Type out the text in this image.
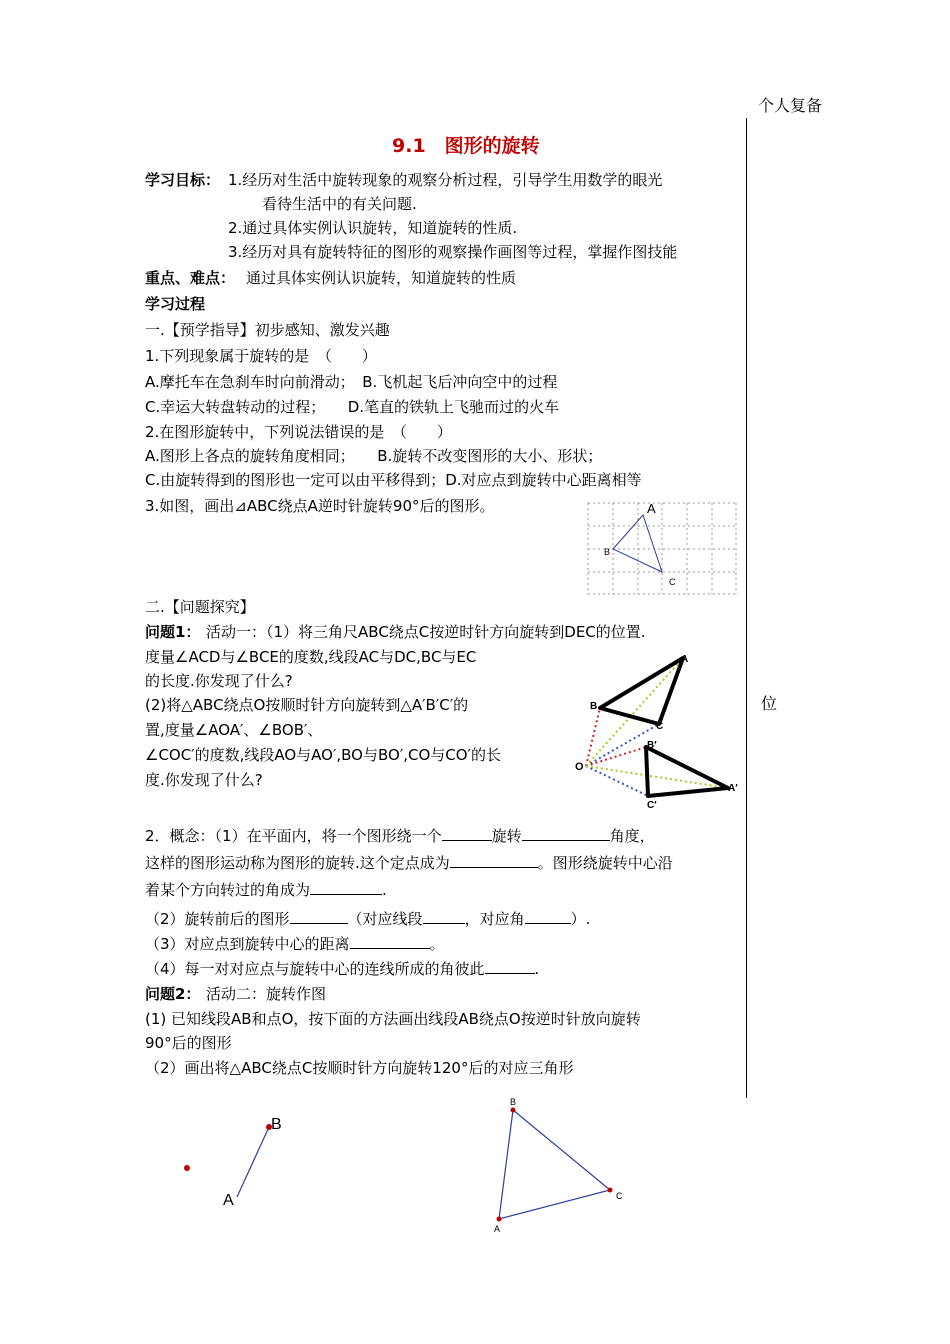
个人复备
位
9.1　图形的旋转
学习目标： 1.经历对生活中旋转现象的观察分析过程，引导学生用数学的眼光
看待生活中的有关问题.
2.通过具体实例认识旋转，知道旋转的性质.
3.经历对具有旋转特征的图形的观察操作画图等过程，掌握作图技能
重点、难点： 通过具体实例认识旋转，知道旋转的性质
学习过程
一.【预学指导】初步感知、激发兴趣
1.下列现象属于旋转的是　（　　）
A.摩托车在急刹车时向前滑动；　B.飞机起飞后冲向空中的过程
C.幸运大转盘转动的过程；　　D.笔直的铁轨上飞驰而过的火车
2.在图形旋转中，下列说法错误的是　（　　）
A.图形上各点的旋转角度相同；　　B.旋转不改变图形的大小、形状；
C.由旋转得到的图形也一定可以由平移得到；D.对应点到旋转中心距离相等
3.如图，画出⊿ABC绕点A逆时针旋转90°后的图形。	A
B
C
二.【问题探究】
问题1： 活动一：（1）将三角尺ABC绕点C按逆时针方向旋转到DEC的位置.
度量∠ACD与∠BCE的度数,线段AC与DC,BC与EC
的长度.你发现了什么?
(2)将△ABC绕点O按顺时针方向旋转到△A′B′C′的
置,度量∠AOA′、∠BOB′、
∠COC′的度数,线段AO与AO′,BO与BO′,CO与CO′的长
度.你发现了什么?
A
B
C
O
B′
A′
C′
2．概念：（1）在平面内，将一个图形绕一个	旋转	角度，
这样的图形运动称为图形的旋转.这个定点成为	。图形绕旋转中心沿
着某个方向转过的角成为	.
（2）旋转前后的图形	（对应线段	，对应角	）.
（3）对应点到旋转中心的距离	。
（4）每一对对应点与旋转中心的连线所成的角彼此	.
问题2： 活动二：旋转作图
(1) 已知线段AB和点O，按下面的方法画出线段AB绕点O按逆时针放向旋转
90°后的图形
（2）画出将△ABC绕点C按顺时针方向旋转120°后的对应三角形
B
A
B
C
A
